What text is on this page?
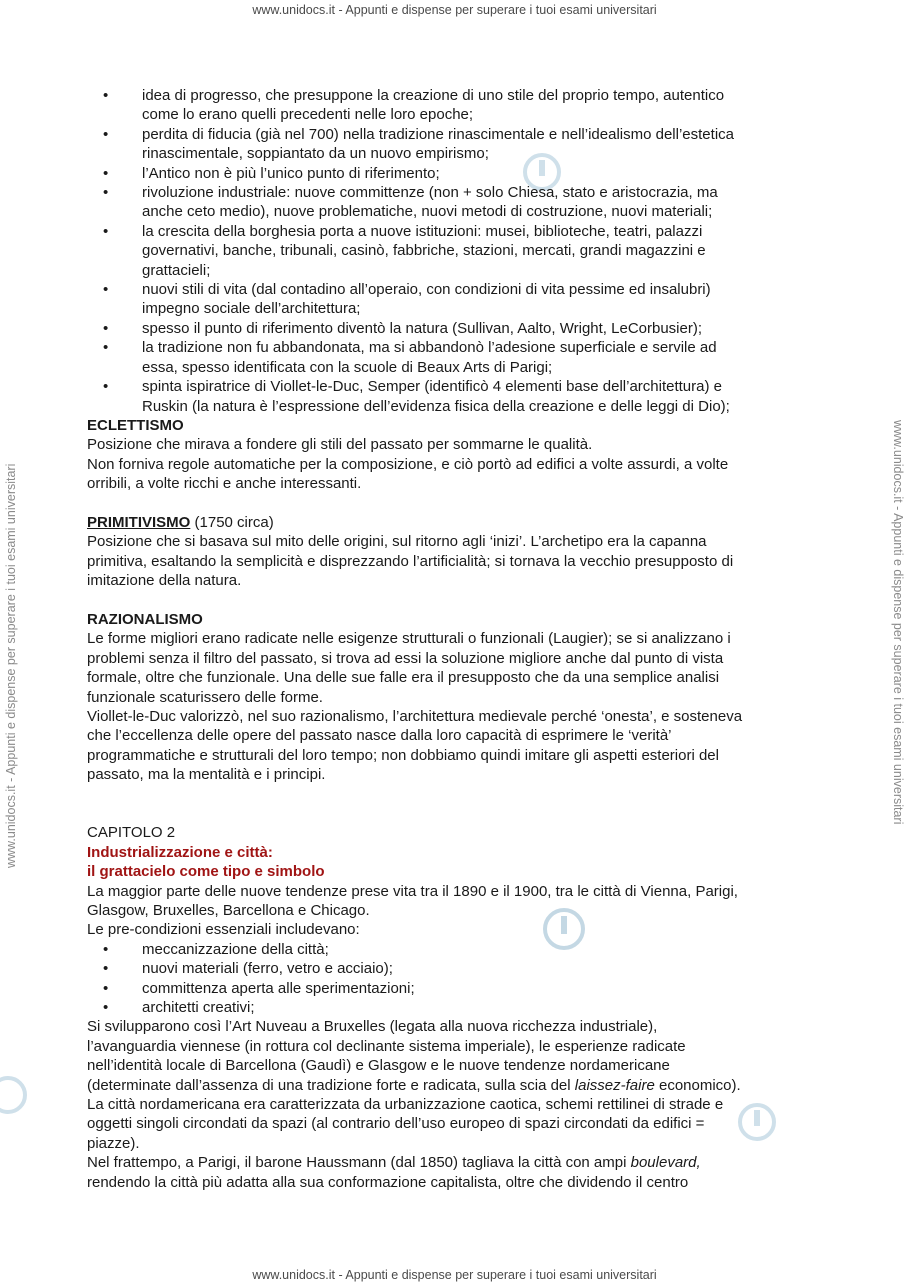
www.unidocs.it - Appunti e dispense per superare i tuoi esami universitari
www.unidocs.it - Appunti e dispense per superare i tuoi esami universitari
www.unidocs.it - Appunti e dispense per superare i tuoi esami universitari	www.unidocs.it - Appunti e dispense per superare i tuoi esami universitari
• idea di progresso, che presuppone la creazione di uno stile del proprio tempo, autentico
come lo erano quelli precedenti nelle loro epoche;
• perdita di fiducia (già nel 700) nella tradizione rinascimentale e nell’idealismo dell’estetica
rinascimentale, soppiantato da un nuovo empirismo;
• l’Antico non è più l’unico punto di riferimento;
• rivoluzione industriale: nuove committenze (non + solo Chiesa, stato e aristocrazia, ma
anche ceto medio), nuove problematiche, nuovi metodi di costruzione, nuovi materiali;
• la crescita della borghesia porta a nuove istituzioni: musei, biblioteche, teatri, palazzi
governativi, banche, tribunali, casinò, fabbriche, stazioni, mercati, grandi magazzini e
grattacieli;
• nuovi stili di vita (dal contadino all’operaio, con condizioni di vita pessime ed insalubri)
impegno sociale dell’architettura;
• spesso il punto di riferimento diventò la natura (Sullivan, Aalto, Wright, LeCorbusier);
• la tradizione non fu abbandonata, ma si abbandonò l’adesione superficiale e servile ad
essa, spesso identificata con la scuole di Beaux Arts di Parigi;
• spinta ispiratrice di Viollet-le-Duc, Semper (identificò 4 elementi base dell’architettura) e
Ruskin (la natura è l’espressione dell’evidenza fisica della creazione e delle leggi di Dio);

ECLETTISMO

Posizione che mirava a fondere gli stili del passato per sommarne le qualità.

Non forniva regole automatiche per la composizione, e ciò portò ad edifici a volte assurdi, a volte

orribili, a volte ricchi e anche interessanti.

PRIMITIVISMO (1750 circa)

Posizione che si basava sul mito delle origini, sul ritorno agli ‘inizi’. L’archetipo era la capanna

primitiva, esaltando la semplicità e disprezzando l’artificialità; si tornava la vecchio presupposto di

imitazione della natura.

RAZIONALISMO

Le forme migliori erano radicate nelle esigenze strutturali o funzionali (Laugier); se si analizzano i

problemi senza il filtro del passato, si trova ad essi la soluzione migliore anche dal punto di vista

formale, oltre che funzionale. Una delle sue falle era il presupposto che da una semplice analisi

funzionale scaturissero delle forme.

Viollet-le-Duc valorizzò, nel suo razionalismo, l’architettura medievale perché ‘onesta’, e sosteneva

che l’eccellenza delle opere del passato nasce dalla loro capacità di esprimere le ‘verità’

programmatiche e strutturali del loro tempo; non dobbiamo quindi imitare gli aspetti esteriori del

passato, ma la mentalità e i principi.

CAPITOLO 2

Industrializzazione e città:

il grattacielo come tipo e simbolo

La maggior parte delle nuove tendenze prese vita tra il 1890 e il 1900, tra le città di Vienna, Parigi,

Glasgow, Bruxelles, Barcellona e Chicago.

Le pre-condizioni essenziali includevano:

• meccanizzazione della città;
• nuovi materiali (ferro, vetro e acciaio);
• committenza aperta alle sperimentazioni;
• architetti creativi;

Si svilupparono così l’Art Nuveau a Bruxelles (legata alla nuova ricchezza industriale),

l’avanguardia viennese (in rottura col declinante sistema imperiale), le esperienze radicate

nell’identità locale di Barcellona (Gaudì) e Glasgow e le nuove tendenze nordamericane

(determinate dall’assenza di una tradizione forte e radicata, sulla scia del laissez-faire economico).

La città nordamericana era caratterizzata da urbanizzazione caotica, schemi rettilinei di strade e

oggetti singoli circondati da spazi (al contrario dell’uso europeo di spazi circondati da edifici =

piazze).

Nel frattempo, a Parigi, il barone Haussmann (dal 1850) tagliava la città con ampi boulevard,

rendendo la città più adatta alla sua conformazione capitalista, oltre che dividendo il centro
